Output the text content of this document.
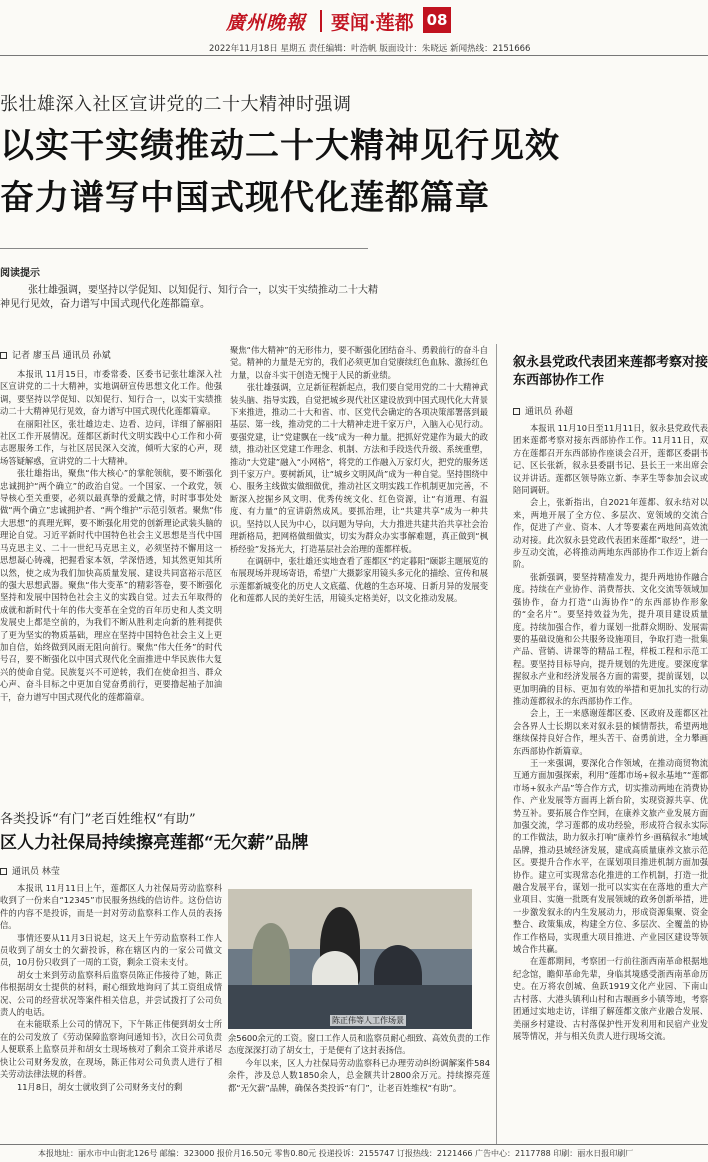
廣州晚報 要闻·莲都 08
2022年11月18日 星期五 责任编辑：叶浩帆 版面设计：朱晓远 新闻热线：2151666
张壮雄深入社区宣讲党的二十大精神时强调
以实干实绩推动二十大精神见行见效
奋力谱写中国式现代化莲都篇章
阅读提示
张壮雄强调，要坚持以学促知、以知促行、知行合一，以实干实绩推动二十大精神见行见效，奋力谱写中国式现代化莲都篇章。
记者 廖玉昌 通讯员 孙斌

本报讯 11月15日，市委常委、区委书记张壮雄深入社区宣讲党的二十大精神，实地调研宣传思想文化工作。他强调，要坚持以学促知、以知促行、知行合一，以实干实绩推动二十大精神见行见效，奋力谱写中国式现代化莲都篇章。

在丽阳社区，张壮雄边走、边看、边问，详细了解丽阳社区工作开展情况。莲都区新时代文明实践中心工作和小荷志愿服务工作，与社区居民深入交流，倾听大家的心声，现场答疑解惑，宣讲党的二十大精神。

张壮雄指出，聚焦“伟大核心”的掌舵领航，要不断强化忠诚拥护“两个确立”的政治自觉。一个国家、一个政党，领导核心至关重要，必须以最真挚的爱戴之情，时时事事处处做“两个确立”忠诚拥护者、“两个维护”示范引领者。聚焦“伟大思想”的真理光辉，要不断强化用党的创新理论武装头脑的理论自觉。习近平新时代中国特色社会主义思想是当代中国马克思主义、二十一世纪马克思主义，必须坚持不懈用这一思想凝心铸魂，把握看家本领，学深悟透，知其然更知其所以然，使之成为我们加快高质量发展、建设共同富裕示范区的强大思想武器。聚焦“伟大变革”的精彩答卷，要不断强化坚持和发展中国特色社会主义的实践自觉。过去五年取得的成就和新时代十年的伟大变革在全党的百年历史和人类文明发展史上都是空前的，为我们不断从胜利走向新的胜利提供了更为坚实的物质基础，理应在坚持中国特色社会主义上更加自信，始终做到风雨无阻向前行。聚焦“伟大任务”的时代号召，要不断强化以中国式现代化全面推进中华民族伟大复兴的使命自觉。民族复兴不可逆转，我们在使命担当、群众心声、奋斗目标之中更加自觉奋勇前行，更要撸起袖子加油干，奋力谱写中国式现代化的莲都篇章。

聚焦“伟大精神”的无形伟力，要不断强化团结奋斗、勇毅前行的奋斗自觉。精神的力量是无穷的，我们必须更加自觉赓续红色血脉、激扬红色力量，以奋斗实干创造无愧于人民的新业绩。

张壮雄强调，立足新征程新起点，我们要自觉用党的二十大精神武装头脑、指导实践，自觉把城乡现代社区建设放到中国式现代化大背景下来推进，推动二十大和省、市、区党代会确定的各项决策部署落到最基层、第一线，推动党的二十大精神走进千家万户，入脑入心见行动。要强党建，让“党建飘在一线”成为一种力量。把抓好党建作为最大的政绩，推动社区党建工作理念、机制、方法和手段迭代升级、系统重塑，推动“大党建”融入“小网格”，将党的工作融入万家灯火，把党的服务送到千家万户。要树新风，让“城乡文明风尚”成为一种自觉。坚持围绕中心、服务主线做实做细做优，推动社区文明实践工作机制更加完善，不断深入挖掘乡风文明、优秀传统文化、红色资源，让“有道理、有温度、有力量”的宣讲蔚然成风。要抓治理，让“共建共享”成为一种共识。坚持以人民为中心，以问题为导向，大力推进共建共治共享社会治理新格局，把网格做细做实，切实为群众办实事解难题，真正做到“枫桥经验”发扬光大，打造基层社会治理的莲都样板。

在调研中，张壮雄还实地查看了莲都区“约定暮阳”颐影主题展览的布展现场并现场寄语，希望广大摄影家用镜头多元化的描绘、宣传和展示莲都新城变化的历史人文底蕴、优越的生态环境、日新月异的发展变化和莲都人民的美好生活，用镜头定格美好，以文化推动发展。

叙永县党政代表团来莲都考察对接东西部协作工作
通讯员 孙超

本报讯 11月10日至11月11日，叙永县党政代表团来莲都考察对接东西部协作工作。11月11日，双方在莲都召开东西部协作座谈会召开，莲都区委副书记、区长张新，叙永县委副书记、县长王一来出席会议并讲话。莲都区领导陈立新、李茅生等参加会议或陪同调研。

会上，张新指出，自2021年莲都、叙永结对以来，两地开展了全方位、多层次、宽领域的交流合作，促进了产业、资本、人才等要素在两地间高效流动对接。此次叙永县党政代表团来莲都“取经”，进一步互动交流，必将推动两地东西部协作工作迈上新台阶。

张新强调，要坚持精准发力，提升两地协作融合度。持续在产业协作、消费帮扶、文化交流等领域加强协作，奋力打造“山海协作”的东西部协作形象的“金名片”。要坚持效益为先，提升项目建设质量度。持续加强合作，着力谋划一批群众期盼、发展需要的基础设施和公共服务设施项目，争取打造一批集产品、营销、讲课等的精品工程，样板工程和示范工程。要坚持目标导向，提升规划的先进度。要深度掌握叙永产业和经济发展各方面的需要，提前谋划，以更加明确的目标、更加有效的举措和更加扎实的行动推动莲都叙永的东西部协作工作。

会上，王一来感谢莲都区委、区政府及莲都区社会各界人士长期以来对叙永县的倾情帮扶，希望两地继续保持良好合作，埋头苦干、奋勇前进，全力攀画东西部协作新篇章。

王一来强调，要深化合作领域，在推动商贸物流互通方面加强探索，利用“莲都市场+叙永基地”“莲都市场+叙永产品”等合作方式，切实推动两地在消费协作、产业发展等方面再上新台阶，实现资源共享、优势互补。要拓展合作空间，在康养文旅产业发展方面加强交流，学习莲都的成功经验，形成符合叙永实际的工作做法，助力叙永打响“康养竹乡·画稿叙永”地域品牌，推动县域经济发展，建成高质量康养文旅示范区。要提升合作水平，在谋划项目推进机制方面加强协作。建立可实现常态化推进的工作机制，打造一批融合发展平台，谋划一批可以实实在在落地的重大产业项目、实施一批既有发展领域的政务创新举措，进一步激发叙永的内生发展动力，形成资源集聚、资金整合、政策集成，构建全方位、多层次、全覆盖的协作工作格局，实现重大项目推进、产业园区建设等领域合作共赢。

在莲都期间，考察团一行前往浙西南革命根据地纪念馆，瞻仰革命先辈，身临其境感受浙西南革命历史。在万将农创城、鱼跃1919文化产业园、下南山古村落、大港头镇利山村和古堰画乡小镇等地，考察团通过实地走访，详细了解莲都文旅产业融合发展、美丽乡村建设、古村落保护性开发利用和民宿产业发展等情况，并与相关负责人进行现场交流。

各类投诉“有门”老百姓维权“有助”
区人力社保局持续擦亮莲都“无欠薪”品牌
通讯员 林莹

本报讯 11月11日上午，莲都区人力社保局劳动监察科收到了一份来自“12345”市民服务热线的信访件。这份信访件的内容不是投诉，而是一封对劳动监察科工作人员的表扬信。

事情还要从11月3日说起，这天上午劳动监察科工作人员收到了胡女士的欠薪投诉，称在辖区内的一家公司做文员，10月份只收到了一周的工资，剩余工资未支付。

胡女士来到劳动监察科后监察员陈正伟接待了她，陈正伟根据胡女士提供的材料，耐心细致地询问了其工资组成情况、公司的经营状况等案件相关信息，并尝试拨打了公司负责人的电话。

在未能联系上公司的情况下，下午陈正伟便到胡女士所在的公司发放了《劳动保障监察询问通知书》，次日公司负责人便联系上监察员并和胡女士现场核对了剩余工资并承诺尽快让公司财务发放，在现场，陈正伟对公司负责人进行了相关劳动法律法规的科普。

11月8日，胡女士就收到了公司财务支付的剩

陈正伟等人工作场景

余5600余元的工资。窗口工作人员和监察员耐心细致、高效负责的工作态度深深打动了胡女士，于是便有了这封表扬信。

今年以来，区人力社保局劳动监察科已办理劳动纠纷调解案件584余件，涉及总人数1850余人，总金额共计2800余万元。持续擦亮莲都“无欠薪”品牌，确保各类投诉“有门”，让老百姓维权“有助”。

本报地址：丽水市中山街北126号 邮编：323000 报价月16.50元 零售0.80元 投递投诉：2155747 订报热线：2121466 广告中心：2117788 印刷：丽水日报印刷厂
